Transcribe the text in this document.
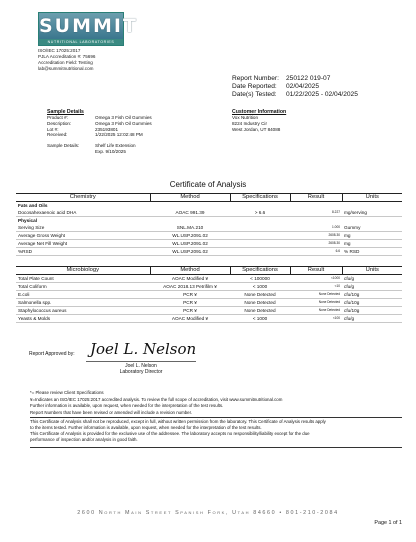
SUMMIT
NUTRITIONAL LABORATORIES
ISO/IEC 17025:2017
PJLA Accreditation #: 75696
Accreditation Field: Testing
lab@summitnutritional.com
Report Number:	250122 019-07
Date Reported:	02/04/2025
Date(s) Tested:	01/22/2025 - 02/04/2025
Sample Details
Product #:	Omega 3 Fish Oil Gummies
Description:	Omega 3 Fish Oil Gummies
Lot #:	235193801
Received:	1/22/2025 12:02:48 PM
Sample Details:	Shelf Life Extension
Exp. 9/10/2025
Customer Information
Vox Nutrition
8224 Industry Cir
West Jordan, UT 84088
Certificate of Analysis
Chemistry	Method	Specifications	Result	Units
Fats and Oils				
Docosahexaenoic acid DHA	AOAC 991.39	> 6.6	8.227	mg/serving
Physical				
Serving Size	SNL.MA.210		1.000	Gummy
Average Gross Weight	WL.USP.2091.02		2608.30	mg
Average Net Fill Weight	WL.USP.2091.02		2608.30	mg
%RSD	WL.USP.2091.02		6.6	% RSD
Microbiology	Method	Specifications	Result	Units
Total Plate Count	AOAC Modified ¥	< 100000	<1000	cfu/g
Total Coliform	AOAC 2018.13 Petrifilm ¥	< 1000	<10	cfu/g
E.coli	PCR ¥	None Detected	None Detected	cfu/10g
Salmonella spp.	PCR ¥	None Detected	None Detected	cfu/10g
Staphylococcus aureus	PCR ¥	None Detected	None Detected	cfu/10g
Yeasts & Molds	AOAC Modified ¥	< 1000	<100	cfu/g
Report Approved by: Joel L. Nelson
Joel L. Nelson
Laboratory Director
*= Please review Client Specifications
¥=Indicates an ISO/IEC 17025:2017 accredited analysis. To review the full scope of accreditation, visit www.summitnutritional.com
Further information is available, upon request, when needed for the interpretation of the test results.
Report Numbers that have been revised or amended will include a revision number.
This Certificate of Analysis shall not be reproduced, except in full, without written permission from the laboratory. This Certificate of Analysis results apply
to the items tested. Further information is available, upon request, when needed for the interpretation of the test results.
This Certificate of Analysis is provided for the exclusive use of the addressee. The laboratory accepts no responsibility/liability except for the due
performance of inspection and/or analysis in good faith.
2600 North Main Street Spanish Fork, Utah 84660 • 801-210-2084
Page 1 of 1
